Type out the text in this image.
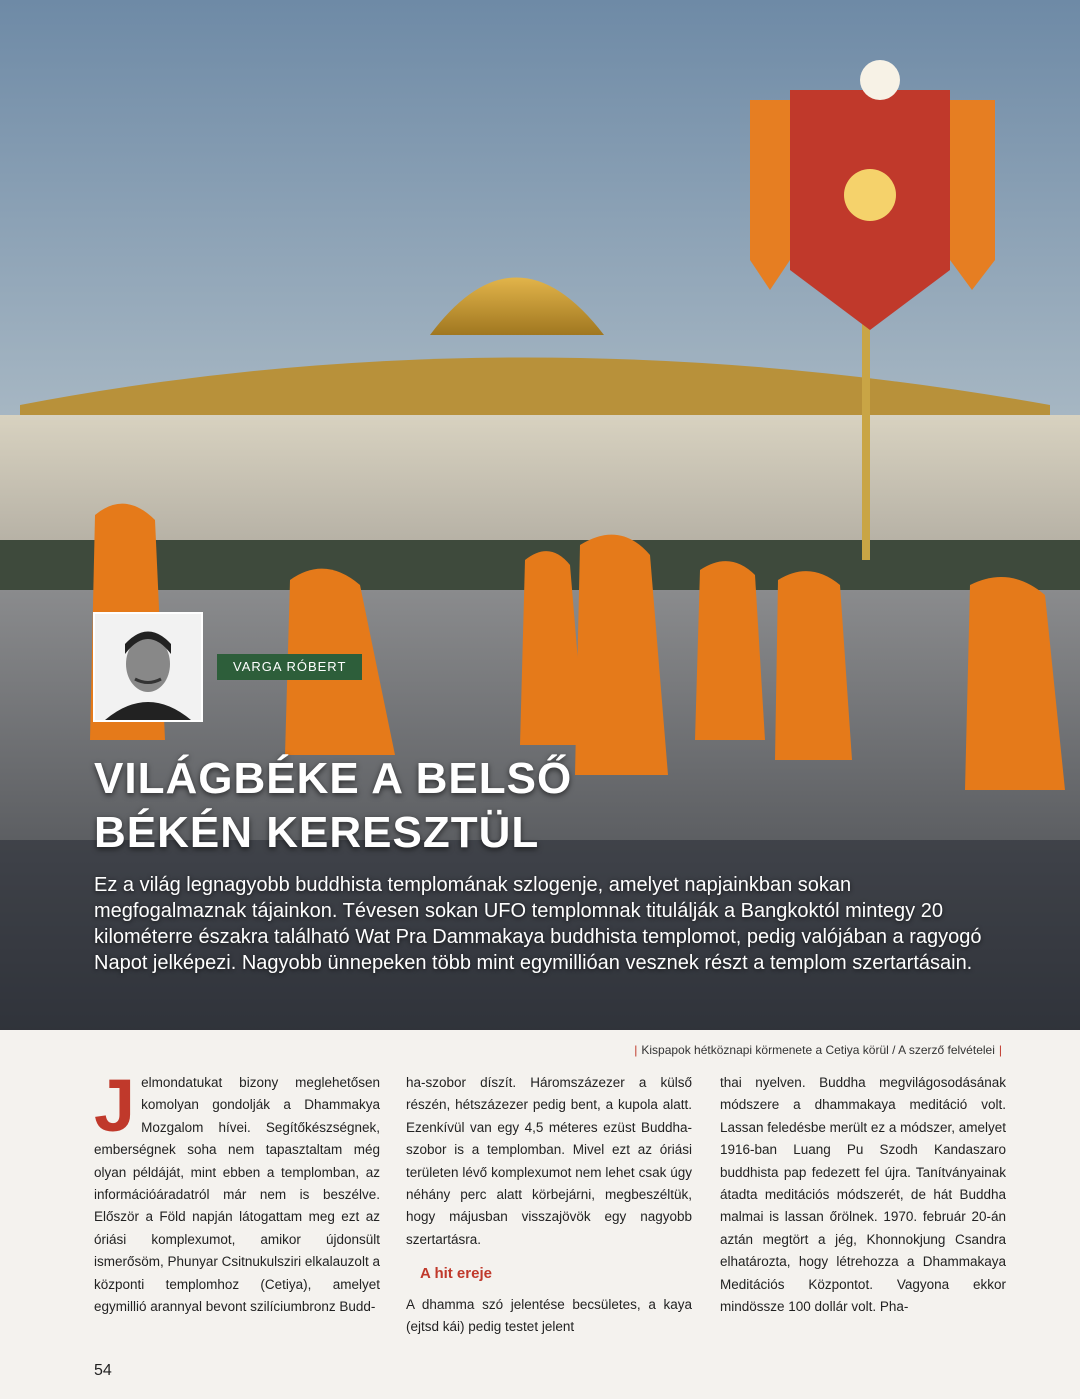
VARGA RÓBERT
VILÁGBÉKE A BELSŐ
BÉKÉN KERESZTÜL
Ez a világ legnagyobb buddhista templomának szlogenje, amelyet napjainkban sokan megfogalmaznak tájainkon. Tévesen sokan UFO templomnak titulálják a Bangkoktól mintegy 20 kilométerre északra található Wat Pra Dammakaya buddhista templomot, pedig valójában a ragyogó Napot jelképezi. Nagyobb ünnepeken több mint egymillióan vesznek részt a templom szertartásain.
| Kispapok hétköznapi körmenete a Cetiya körül / A szerző felvételei |
J elmondatukat bizony meglehetősen komolyan gondolják a Dhammakya Mozgalom hívei. Segítőkészségnek, emberségnek soha nem tapasztaltam még olyan példáját, mint ebben a templomban, az információáradatról már nem is beszélve. Először a Föld napján látogattam meg ezt az óriási komplexumot, amikor újdonsült ismerősöm, Phunyar Csitnukulsziri elkalauzolt a központi templomhoz (Cetiya), amelyet egymillió arannyal bevont szilíciumbronz Budd-
ha-szobor díszít. Háromszázezer a külső részén, hétszázezer pedig bent, a kupola alatt. Ezenkívül van egy 4,5 méteres ezüst Buddha-szobor is a templomban. Mivel ezt az óriási területen lévő komplexumot nem lehet csak úgy néhány perc alatt körbejárni, megbeszéltük, hogy májusban visszajövök egy nagyobb szertartásra.
A hit ereje
A dhamma szó jelentése becsületes, a kaya (ejtsd kái) pedig testet jelent
thai nyelven. Buddha megvilágosodásának módszere a dhammakaya meditáció volt. Lassan feledésbe merült ez a módszer, amelyet 1916-ban Luang Pu Szodh Kandaszaro buddhista pap fedezett fel újra. Tanítványainak átadta meditációs módszerét, de hát Buddha malmai is lassan őrölnek. 1970. február 20-án aztán megtört a jég, Khonnokjung Csandra elhatározta, hogy létrehozza a Dhammakaya Meditációs Központot. Vagyona ekkor mindössze 100 dollár volt. Pha-
54
